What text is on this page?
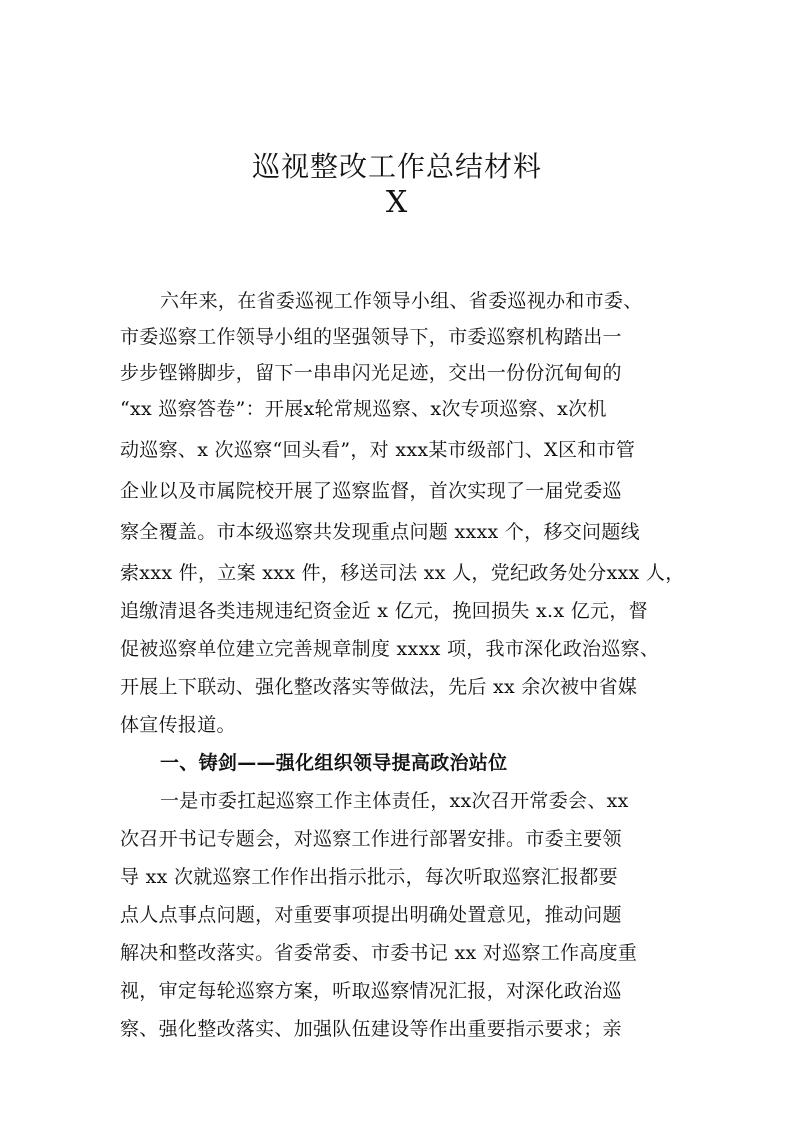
巡视整改工作总结材料
X
六年来，在省委巡视工作领导小组、省委巡视办和市委、
市委巡察工作领导小组的坚强领导下，市委巡察机构踏出一
步步铿锵脚步，留下一串串闪光足迹，交出一份份沉甸甸的
“xx 巡察答卷”：开展x轮常规巡察、x次专项巡察、x次机
动巡察、x 次巡察“回头看”，对 xxx某市级部门、X区和市管
企业以及市属院校开展了巡察监督，首次实现了一届党委巡
察全覆盖。市本级巡察共发现重点问题 xxxx 个，移交问题线
索xxx 件，立案 xxx 件，移送司法 xx 人，党纪政务处分xxx 人，
追缴清退各类违规违纪资金近 x 亿元，挽回损失 x.x 亿元，督
促被巡察单位建立完善规章制度 xxxx 项，我市深化政治巡察、
开展上下联动、强化整改落实等做法，先后 xx 余次被中省媒
体宣传报道。
一、铸剑——强化组织领导提高政治站位
一是市委扛起巡察工作主体责任，xx次召开常委会、xx
次召开书记专题会，对巡察工作进行部署安排。市委主要领
导 xx 次就巡察工作作出指示批示，每次听取巡察汇报都要
点人点事点问题，对重要事项提出明确处置意见，推动问题
解决和整改落实。省委常委、市委书记 xx 对巡察工作高度重
视，审定每轮巡察方案，听取巡察情况汇报，对深化政治巡
察、强化整改落实、加强队伍建设等作出重要指示要求；亲
